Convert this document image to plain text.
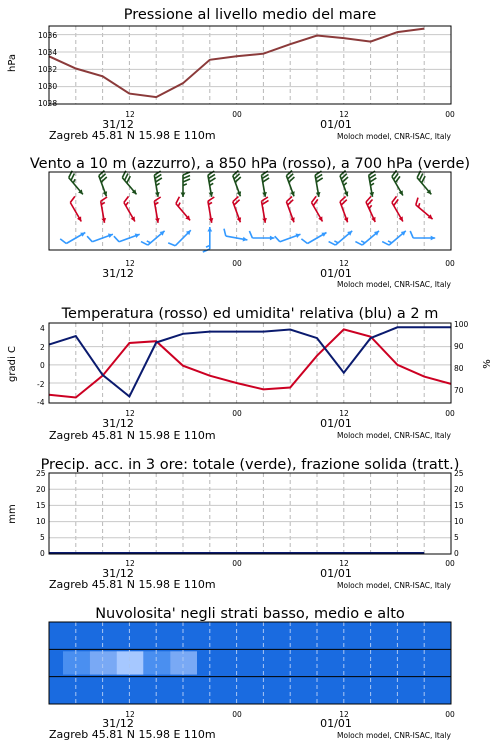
Pressione al livello medio del mare
hPa
1036
1034
1032
1030
1028
12	00	12	00
31/12	01/01
Zagreb 45.81 N 15.98 E 110m	Moloch model, CNR-ISAC, Italy
Vento a 10 m (azzurro), a 850 hPa (rosso), a 700 hPa (verde)
12	00	12	00
31/12	01/01
Moloch model, CNR-ISAC, Italy
Temperatura (rosso) ed umidita' relativa (blu) a 2 m
gradi C	%
4
2
0
-2
-4
100
90
80
70
12	00	12	00
31/12	01/01
Zagreb 45.81 N 15.98 E 110m	Moloch model, CNR-ISAC, Italy
Precip. acc. in 3 ore: totale (verde), frazione solida (tratt.)
mm
25
20
15
10
5
0
25
20
15
10
5
0
12	00	12	00
31/12	01/01
Zagreb 45.81 N 15.98 E 110m	Moloch model, CNR-ISAC, Italy
Nuvolosita' negli strati basso, medio e alto
12	00	12	00
31/12	01/01
Zagreb 45.81 N 15.98 E 110m	Moloch model, CNR-ISAC, Italy
